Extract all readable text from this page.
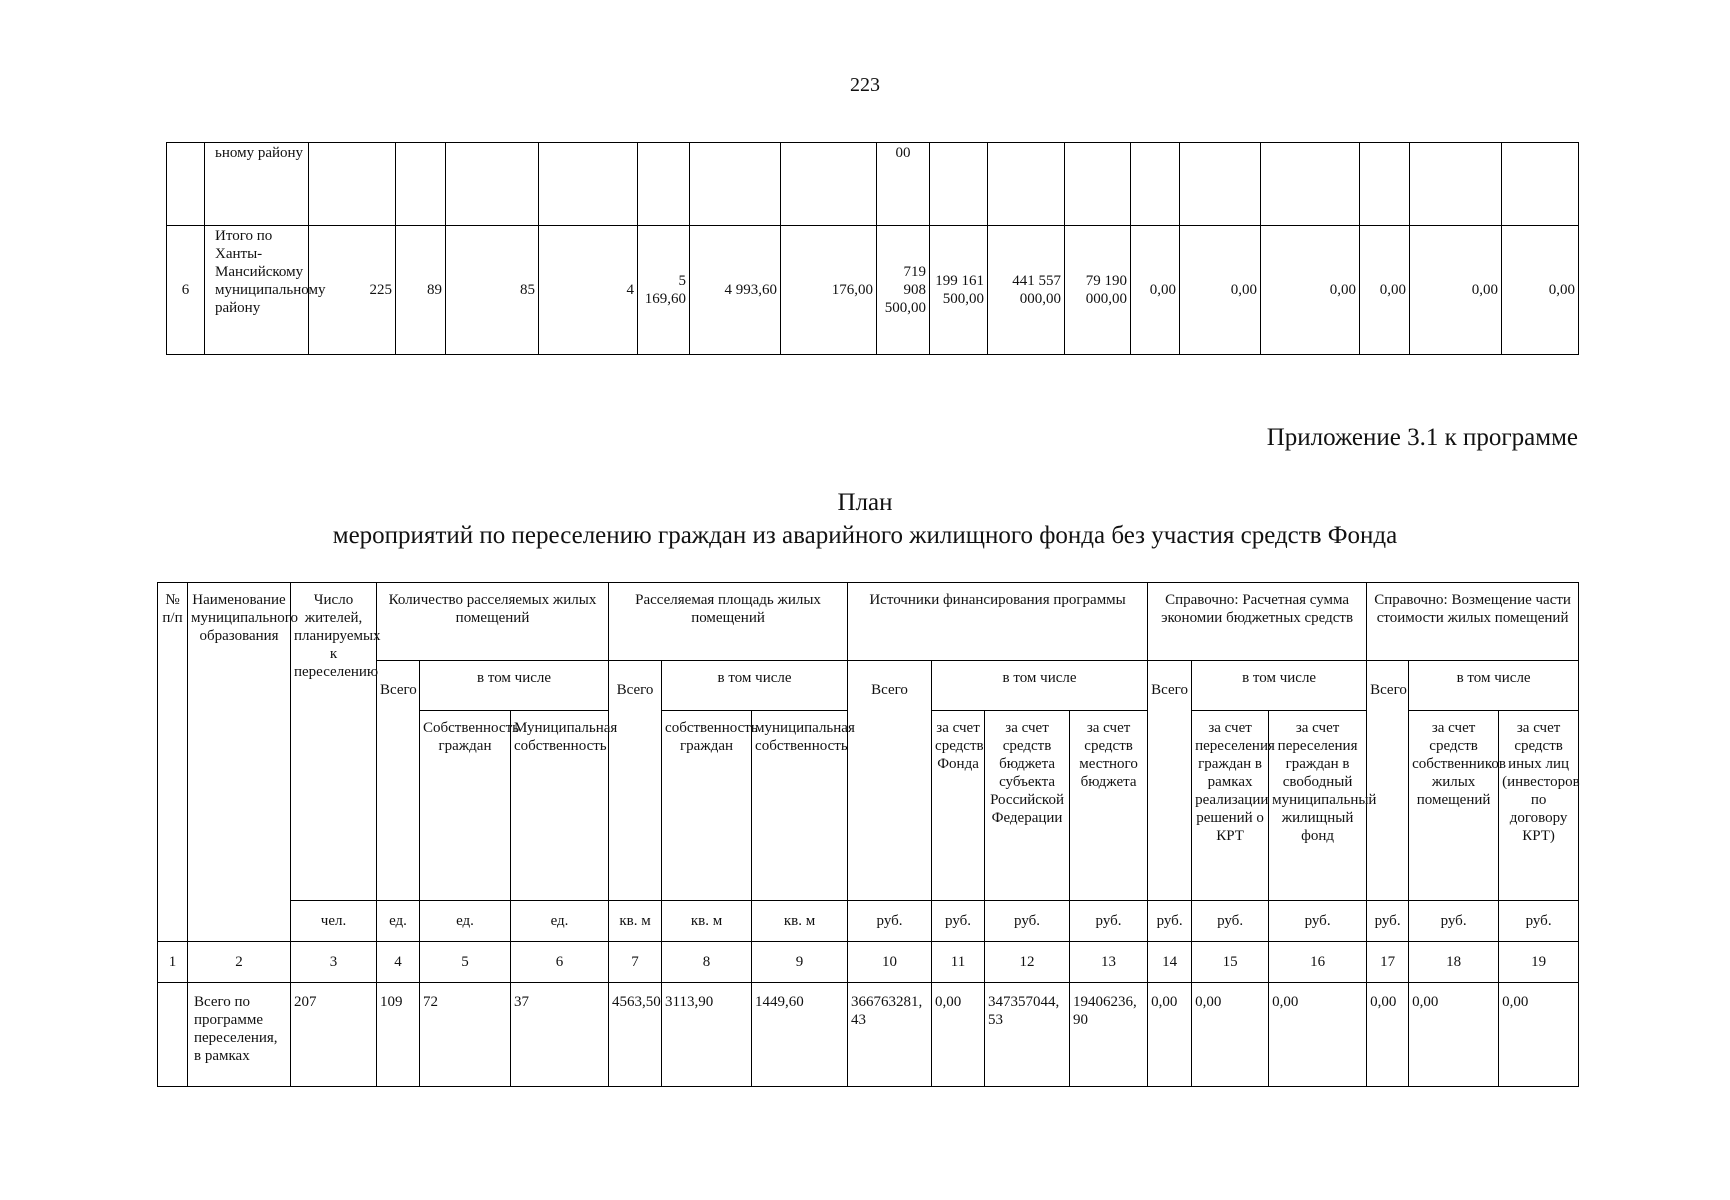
223
	ьному районy								00									
6	Итого по Ханты-Мансийскому муниципальному району	225	89	85	4	5 169,60	4 993,60	176,00	719 908 500,00	199 161 500,00	441 557 000,00	79 190 000,00	0,00	0,00	0,00	0,00	0,00	0,00
Приложение 3.1 к программе
План
мероприятий по переселению граждан из аварийного жилищного фонда без участия средств Фонда
№ п/п	Наименование муниципального образования	Число жителей, планируемых к переселению	Количество расселяемых жилых помещений			Расселяемая площадь жилых помещений			Источники финансирования программы				Справочно: Расчетная сумма экономии бюджетных средств			Справочно: Возмещение части стоимости жилых помещений		
			Всего	в том числе		Всего	в том числе		Всего	в том числе			Всего	в том числе		Всего	в том числе	
				Собственность граждан	Муниципальная собственность		собственность граждан	муниципальная собственность		за счет средств Фонда	за счет средств бюджета субъекта Российской Федерации	за счет средств местного бюджета		за счет переселения граждан в рамках реализации решений о КРТ	за счет переселения граждан в свободный муниципальный жилищный фонд		за счет средств собственников жилых помещений	за счет средств иных лиц (инвесторов по договору КРТ)
		чел.	ед.	ед.	ед.	кв. м	кв. м	кв. м	руб.	руб.	руб.	руб.	руб.	руб.	руб.	руб.	руб.	руб.
1	2	3	4	5	6	7	8	9	10	11	12	13	14	15	16	17	18	19
	Всего по программе переселения, в рамках	207	109	72	37	4563,50	3113,90	1449,60	366763281,43	0,00	347357044,53	19406236,90	0,00	0,00	0,00	0,00	0,00	0,00
